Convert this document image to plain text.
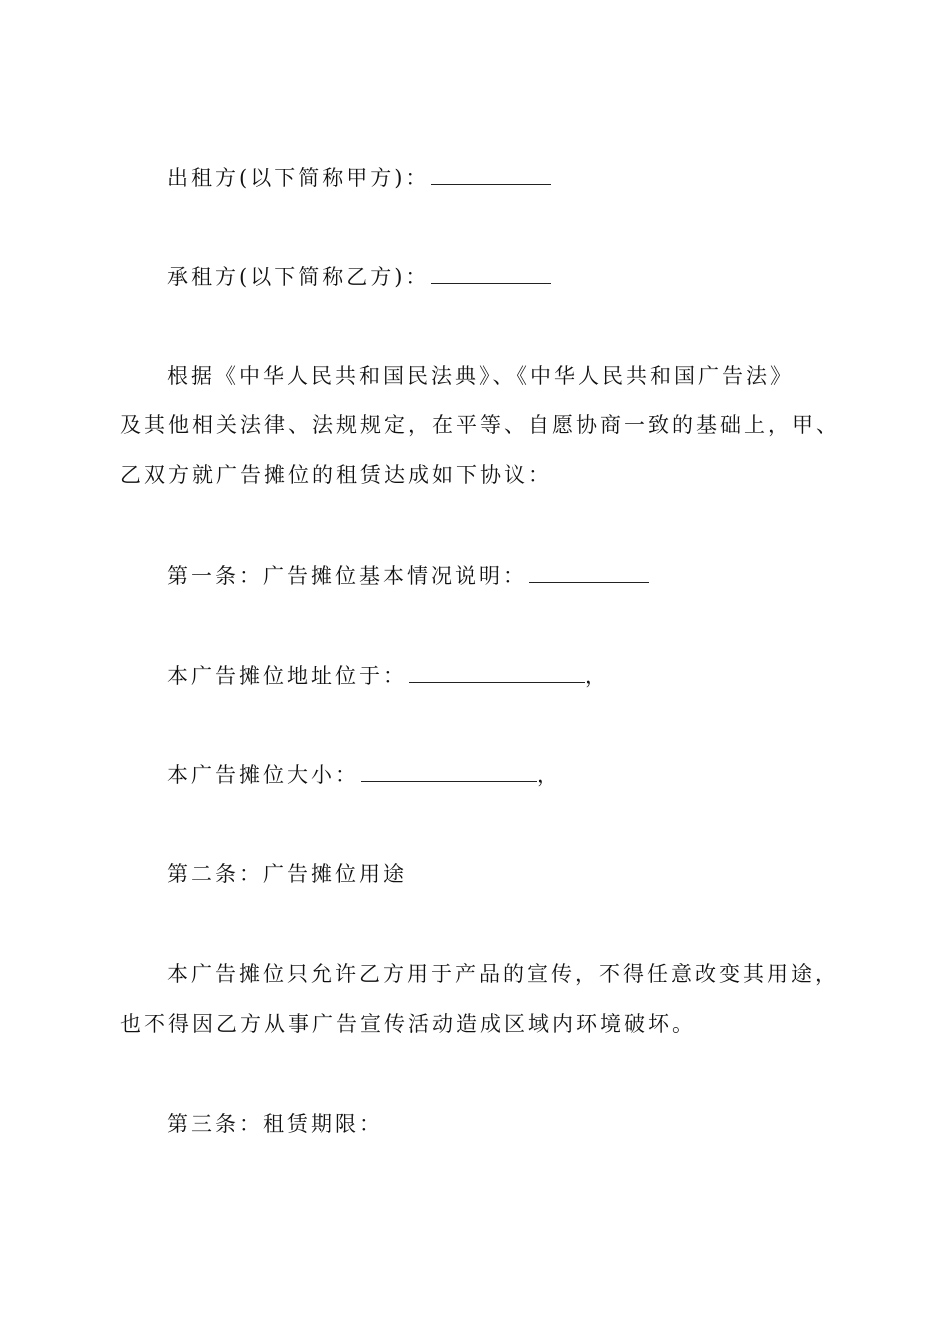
出租方(以下简称甲方)：
承租方(以下简称乙方)：
根据《中华人民共和国民法典》、《中华人民共和国广告法》
及其他相关法律、法规规定，在平等、自愿协商一致的基础上，甲、
乙双方就广告摊位的租赁达成如下协议：
第一条：广告摊位基本情况说明：
本广告摊位地址位于：	，
本广告摊位大小：	，
第二条：广告摊位用途
本广告摊位只允许乙方用于产品的宣传，不得任意改变其用途，
也不得因乙方从事广告宣传活动造成区域内环境破坏。
第三条：租赁期限：
